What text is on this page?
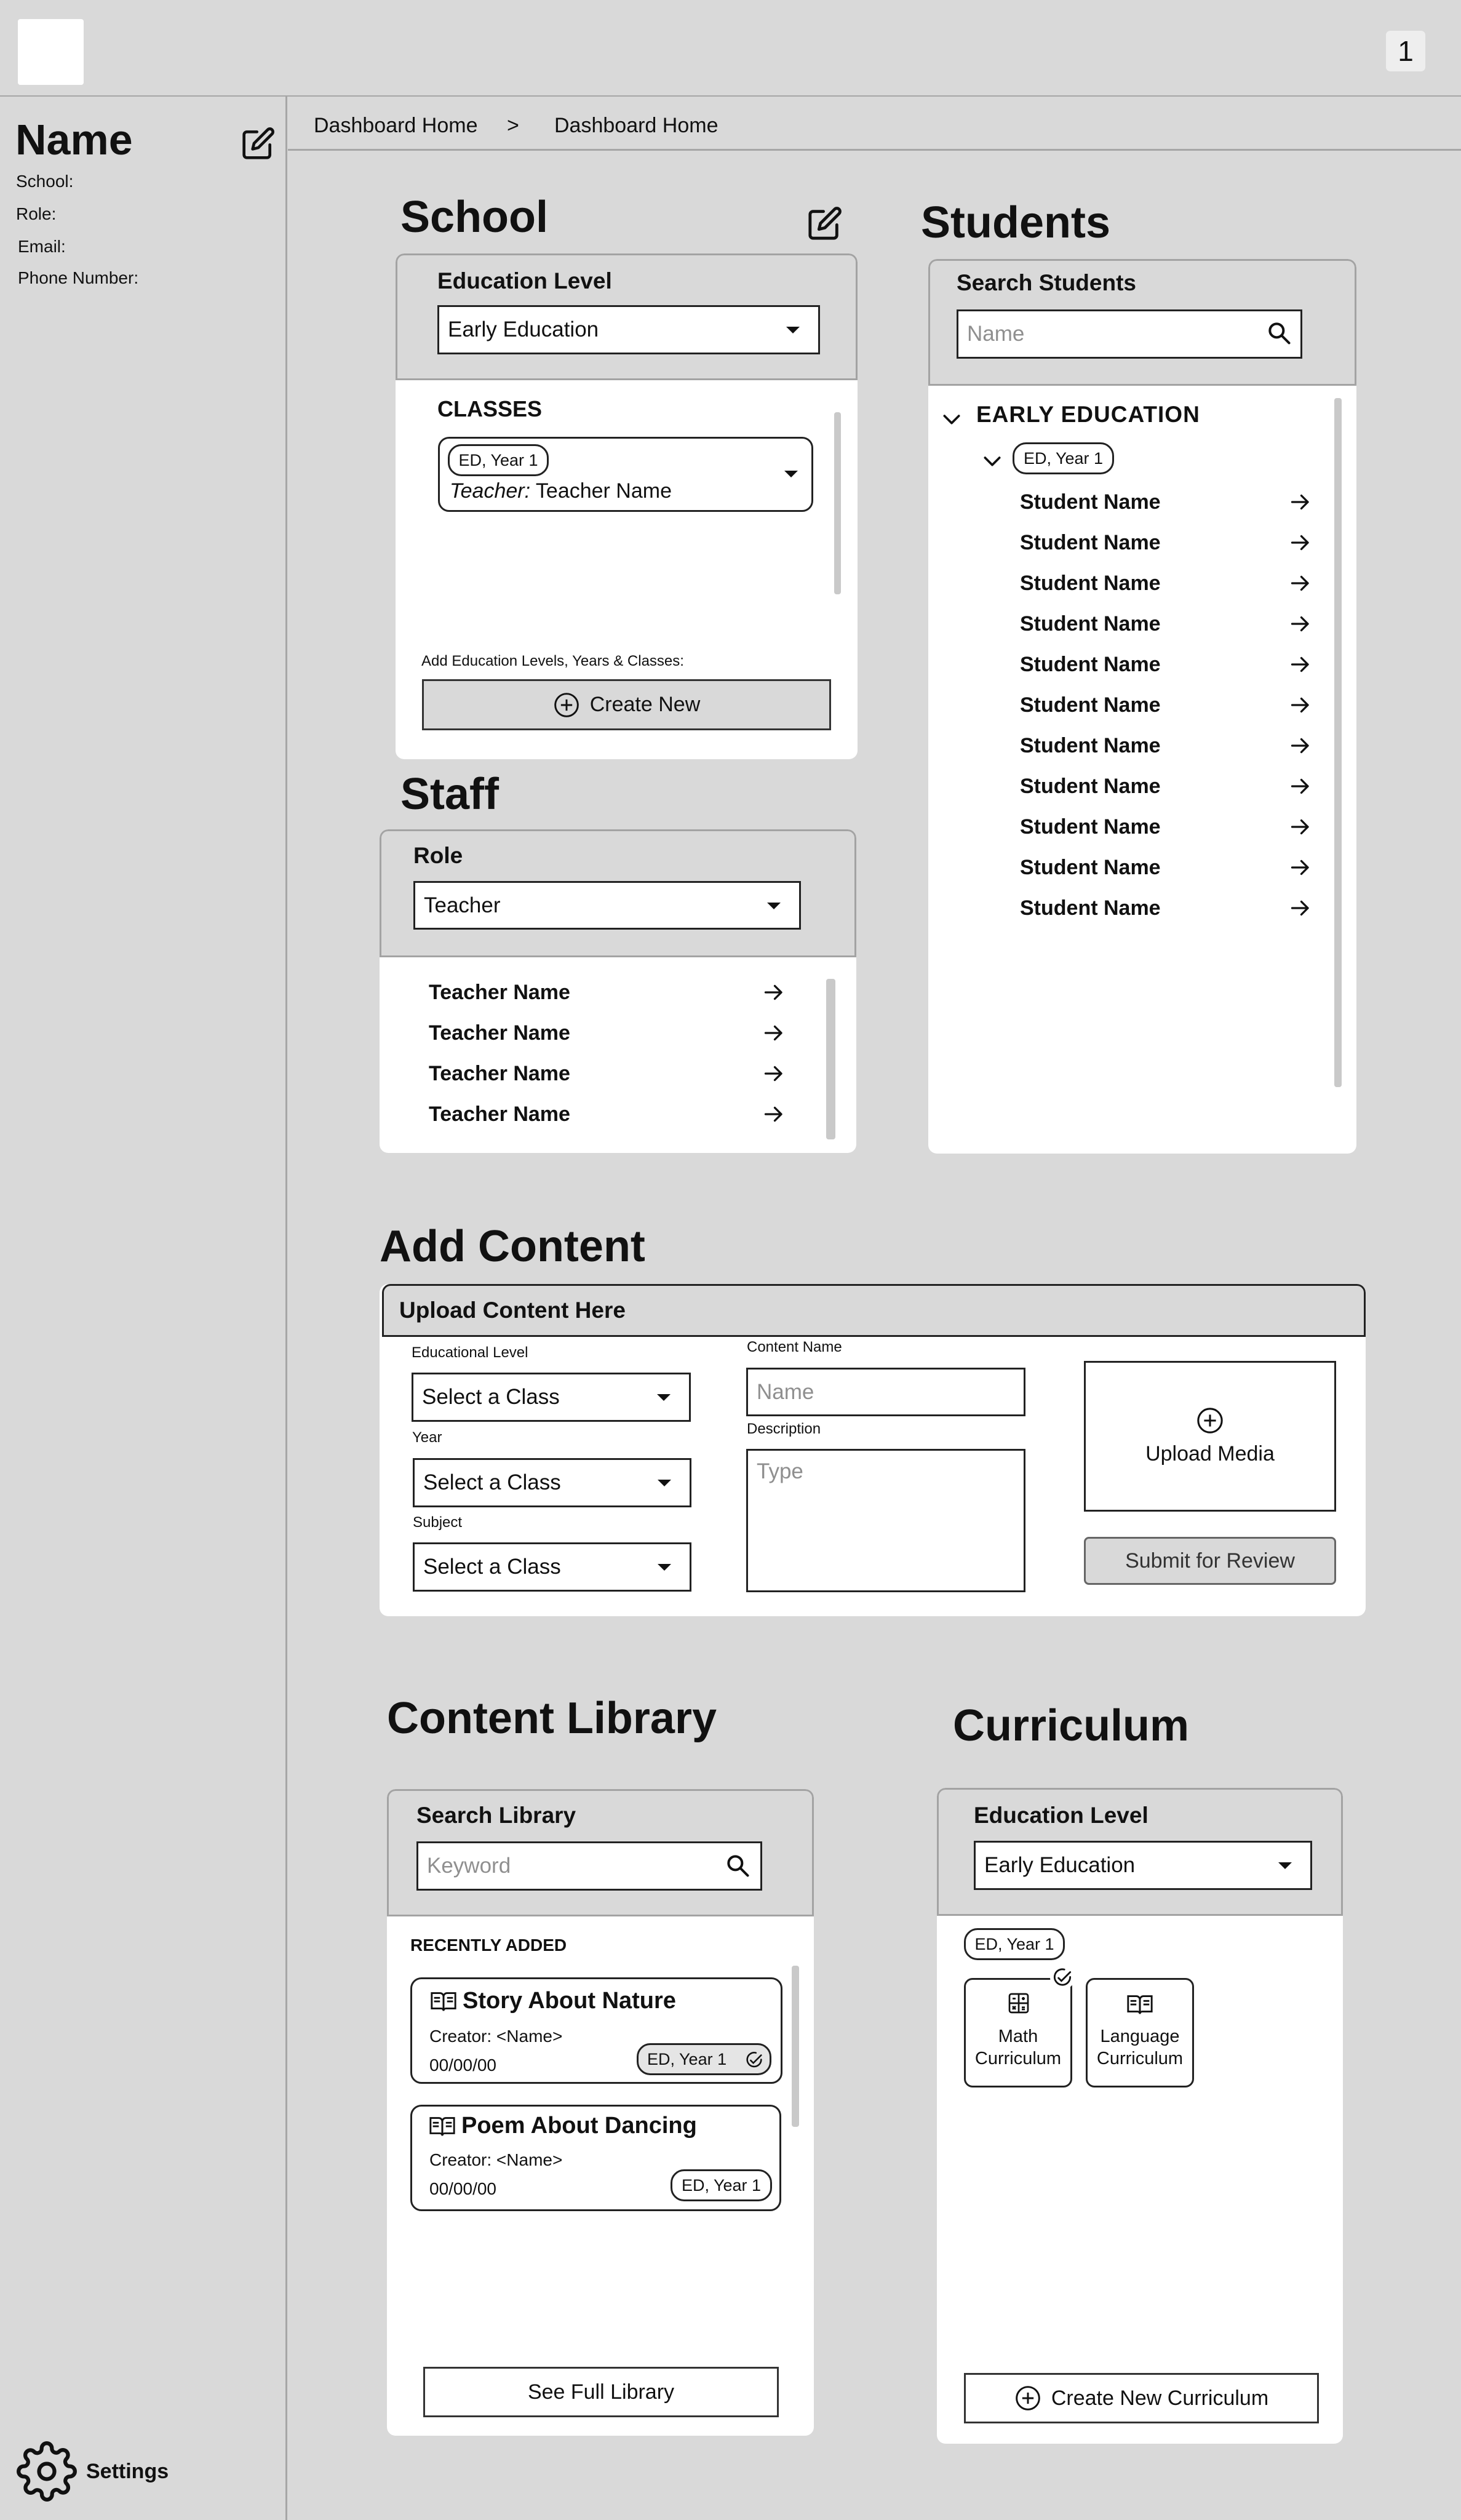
1
Name
School:
Role:
Email:
Phone Number:
Settings
Dashboard Home > Dashboard Home
School
Education Level
Early Education
CLASSES
ED, Year 1
Teacher: Teacher Name
Add Education Levels, Years & Classes:
Create New
Staff
Role
Teacher
Teacher Name
Teacher Name
Teacher Name
Teacher Name
Students
Search Students
Name
EARLY EDUCATION
ED, Year 1
Student Name
Student Name
Student Name
Student Name
Student Name
Student Name
Student Name
Student Name
Student Name
Student Name
Student Name
Add Content
Upload Content Here
Educational Level
Select a Class
Year
Select a Class
Subject
Select a Class
Content Name
Name
Description
Type
Upload Media
Submit for Review
Content Library
Search Library
Keyword
RECENTLY ADDED
Story About Nature
Creator: <Name>
00/00/00	ED, Year 1
Poem About Dancing
Creator: <Name>
00/00/00	ED, Year 1
See Full Library
Curriculum
Education Level
Early Education
ED, Year 1
Math
Curriculum
Language
Curriculum
Create New Curriculum
